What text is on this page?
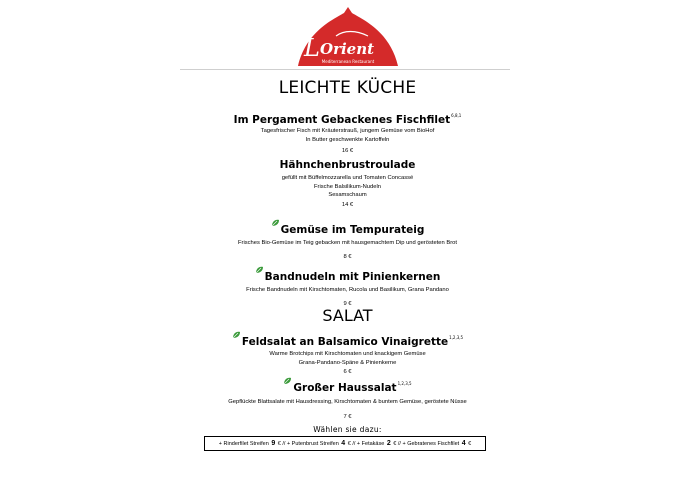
L Orient
Mediterranean Restaurant
LEICHTE KÜCHE
Im Pergament Gebackenes Fischfilet$^{6,8,1}$
Tagesfrischer Fisch mit Kräuterstrauß, jungem Gemüse vom BioHof
In Butter geschwenkte Kartoffeln
16 €
Hähnchenbrustroulade
gefüllt mit Büffelmozzarella und Tomaten Concassé
Frische Balsilikum-Nudeln
Sesamschaum
14 €
Gemüse im Tempurateig
Frisches Bio-Gemüse im Teig gebacken mit hausgemachtem Dip und gerösteten Brot
8 €
Bandnudeln mit Pinienkernen
Frische Bandnudeln mit Kirschtomaten, Rucola und Basilikum, Grana Pandano
9 €
SALAT
Feldsalat an Balsamico Vinaigrette$^{1,2,3,5}$
Warme Brotchips mit Kirschtomaten und knackigem Gemüse
Grana-Pandano-Späne & Pinienkerne
6 €
Großer Haussalat$^{1,2,3,5}$
Gepflückte Blattsalate mit Hausdressing, Kirschtomaten & buntem Gemüse, geröstete Nüsse
7 €
Wählen sie dazu:
+ Rinderfilet Streifen 9 € // + Putenbrust Streifen 4 € // + Fetakäse 2 € // + Gebratenes Fischfilet 4 €
